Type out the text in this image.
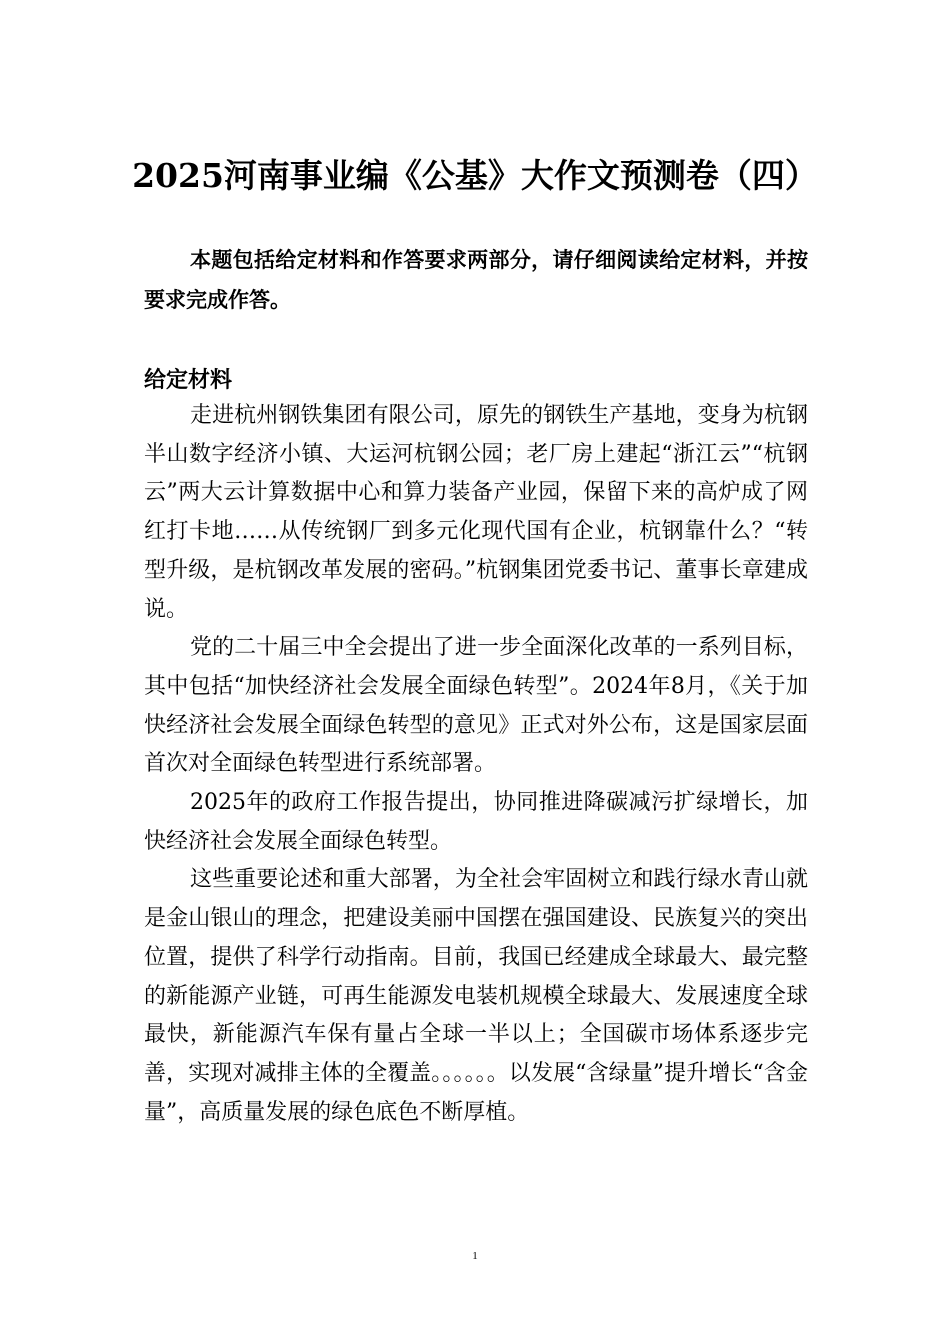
2025河南事业编《公基》大作文预测卷（四）
本题包括给定材料和作答要求两部分，请仔细阅读给定材料，并按要求完成作答。
给定材料

走进杭州钢铁集团有限公司，原先的钢铁生产基地，变身为杭钢半山数字经济小镇、大运河杭钢公园；老厂房上建起“浙江云”“杭钢云”两大云计算数据中心和算力装备产业园，保留下来的高炉成了网红打卡地……从传统钢厂到多元化现代国有企业，杭钢靠什么？“转型升级，是杭钢改革发展的密码。”杭钢集团党委书记、董事长章建成说。

党的二十届三中全会提出了进一步全面深化改革的一系列目标，其中包括“加快经济社会发展全面绿色转型”。2024年8月，《关于加快经济社会发展全面绿色转型的意见》正式对外公布，这是国家层面首次对全面绿色转型进行系统部署。

2025年的政府工作报告提出，协同推进降碳减污扩绿增长，加快经济社会发展全面绿色转型。

这些重要论述和重大部署，为全社会牢固树立和践行绿水青山就是金山银山的理念，把建设美丽中国摆在强国建设、民族复兴的突出位置，提供了科学行动指南。目前，我国已经建成全球最大、最完整的新能源产业链，可再生能源发电装机规模全球最大、发展速度全球最快，新能源汽车保有量占全球一半以上；全国碳市场体系逐步完善，实现对减排主体的全覆盖。。。。。。以发展“含绿量”提升增长“含金量”，高质量发展的绿色底色不断厚植。

1
